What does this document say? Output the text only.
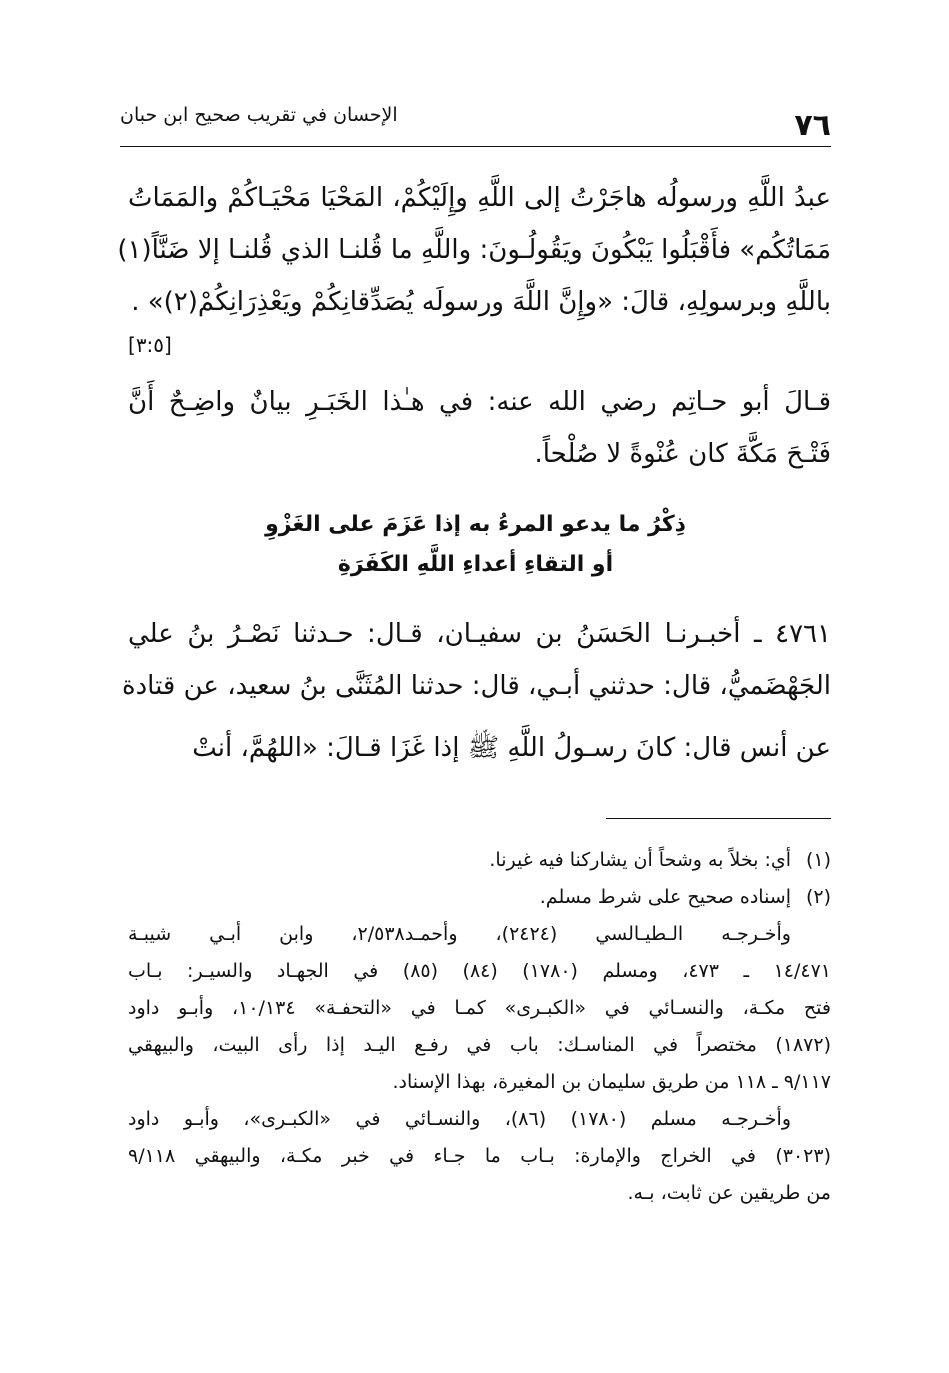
٧٦
الإحسان في تقريب صحيح ابن حبان
عبدُ اللَّهِ ورسولُه هاجَرْتُ إلى اللَّهِ وإِلَيْكُمْ، المَحْيَا مَحْيَـاكُمْ والمَمَاتُ
مَمَاتُكُم» فأَقْبَلُوا يَبْكُونَ ويَقُولُـونَ: واللَّهِ ما قُلنـا الذي قُلنـا إلا ضَنَّاً(١)
باللَّهِ وبرسولِهِ، قالَ: «وإِنَّ اللَّهَ ورسولَه يُصَدِّقانِكُمْ ويَعْذِرَانِكُمْ(٢)» .
[٣:٥]
قـالَ أبو حـاتِم رضي الله عنه: في هـٰذا الخَبَـرِ بيانٌ واضِـحٌ أَنَّ
فَتْـحَ مَكَّةَ كان عُنْوةً لا صُلْحاً.
ذِكْرُ ما يدعو المرءُ به إذا عَزَمَ على الغَزْوِ
أو التقاءِ أعداءِ اللَّهِ الكَفَرَةِ
٤٧٦١ ـ أخبـرنـا الحَسَنُ بن سفيـان، قـال: حـدثنا نَصْـرُ بنُ علي
الجَهْضَميُّ، قال: حدثني أبـي، قال: حدثنا المُثَنَّى بنُ سعيد، عن قتادة
عن أنس قال: كانَ رسـولُ اللَّهِ ﷺ إذا غَزَا قـالَ: «اللهُمَّ، أنتْ
(١)أي: بخلاً به وشحاً أن يشاركنا فيه غيرنا.
(٢)إسناده صحيح على شرط مسلم.
وأخـرجـه الـطيـالسي (٢٤٢٤)، وأحمـد٢/٥٣٨، وابن أبـي شيبـة
١٤/٤٧١ ـ ٤٧٣، ومسلم (١٧٨٠) (٨٤) (٨٥) في الجهـاد والسيـر: بـاب
فتح مكـة، والنسـائي في «الكبـرى» كمـا في «التحفـة» ١٠/١٣٤، وأبـو داود
(١٨٧٢) مختصراً في المناسـك: باب في رفـع اليـد إذا رأى البيت، والبيهقي
٩/١١٧ ـ ١١٨ من طريق سليمان بن المغيرة، بهذا الإسناد.
وأخـرجـه مسلم (١٧٨٠) (٨٦)، والنسـائي في «الكبـرى»، وأبـو داود
(٣٠٢٣) في الخراج والإمارة: بـاب ما جـاء في خبر مكـة، والبيهقي ٩/١١٨
من طريقين عن ثابت، بـه.
